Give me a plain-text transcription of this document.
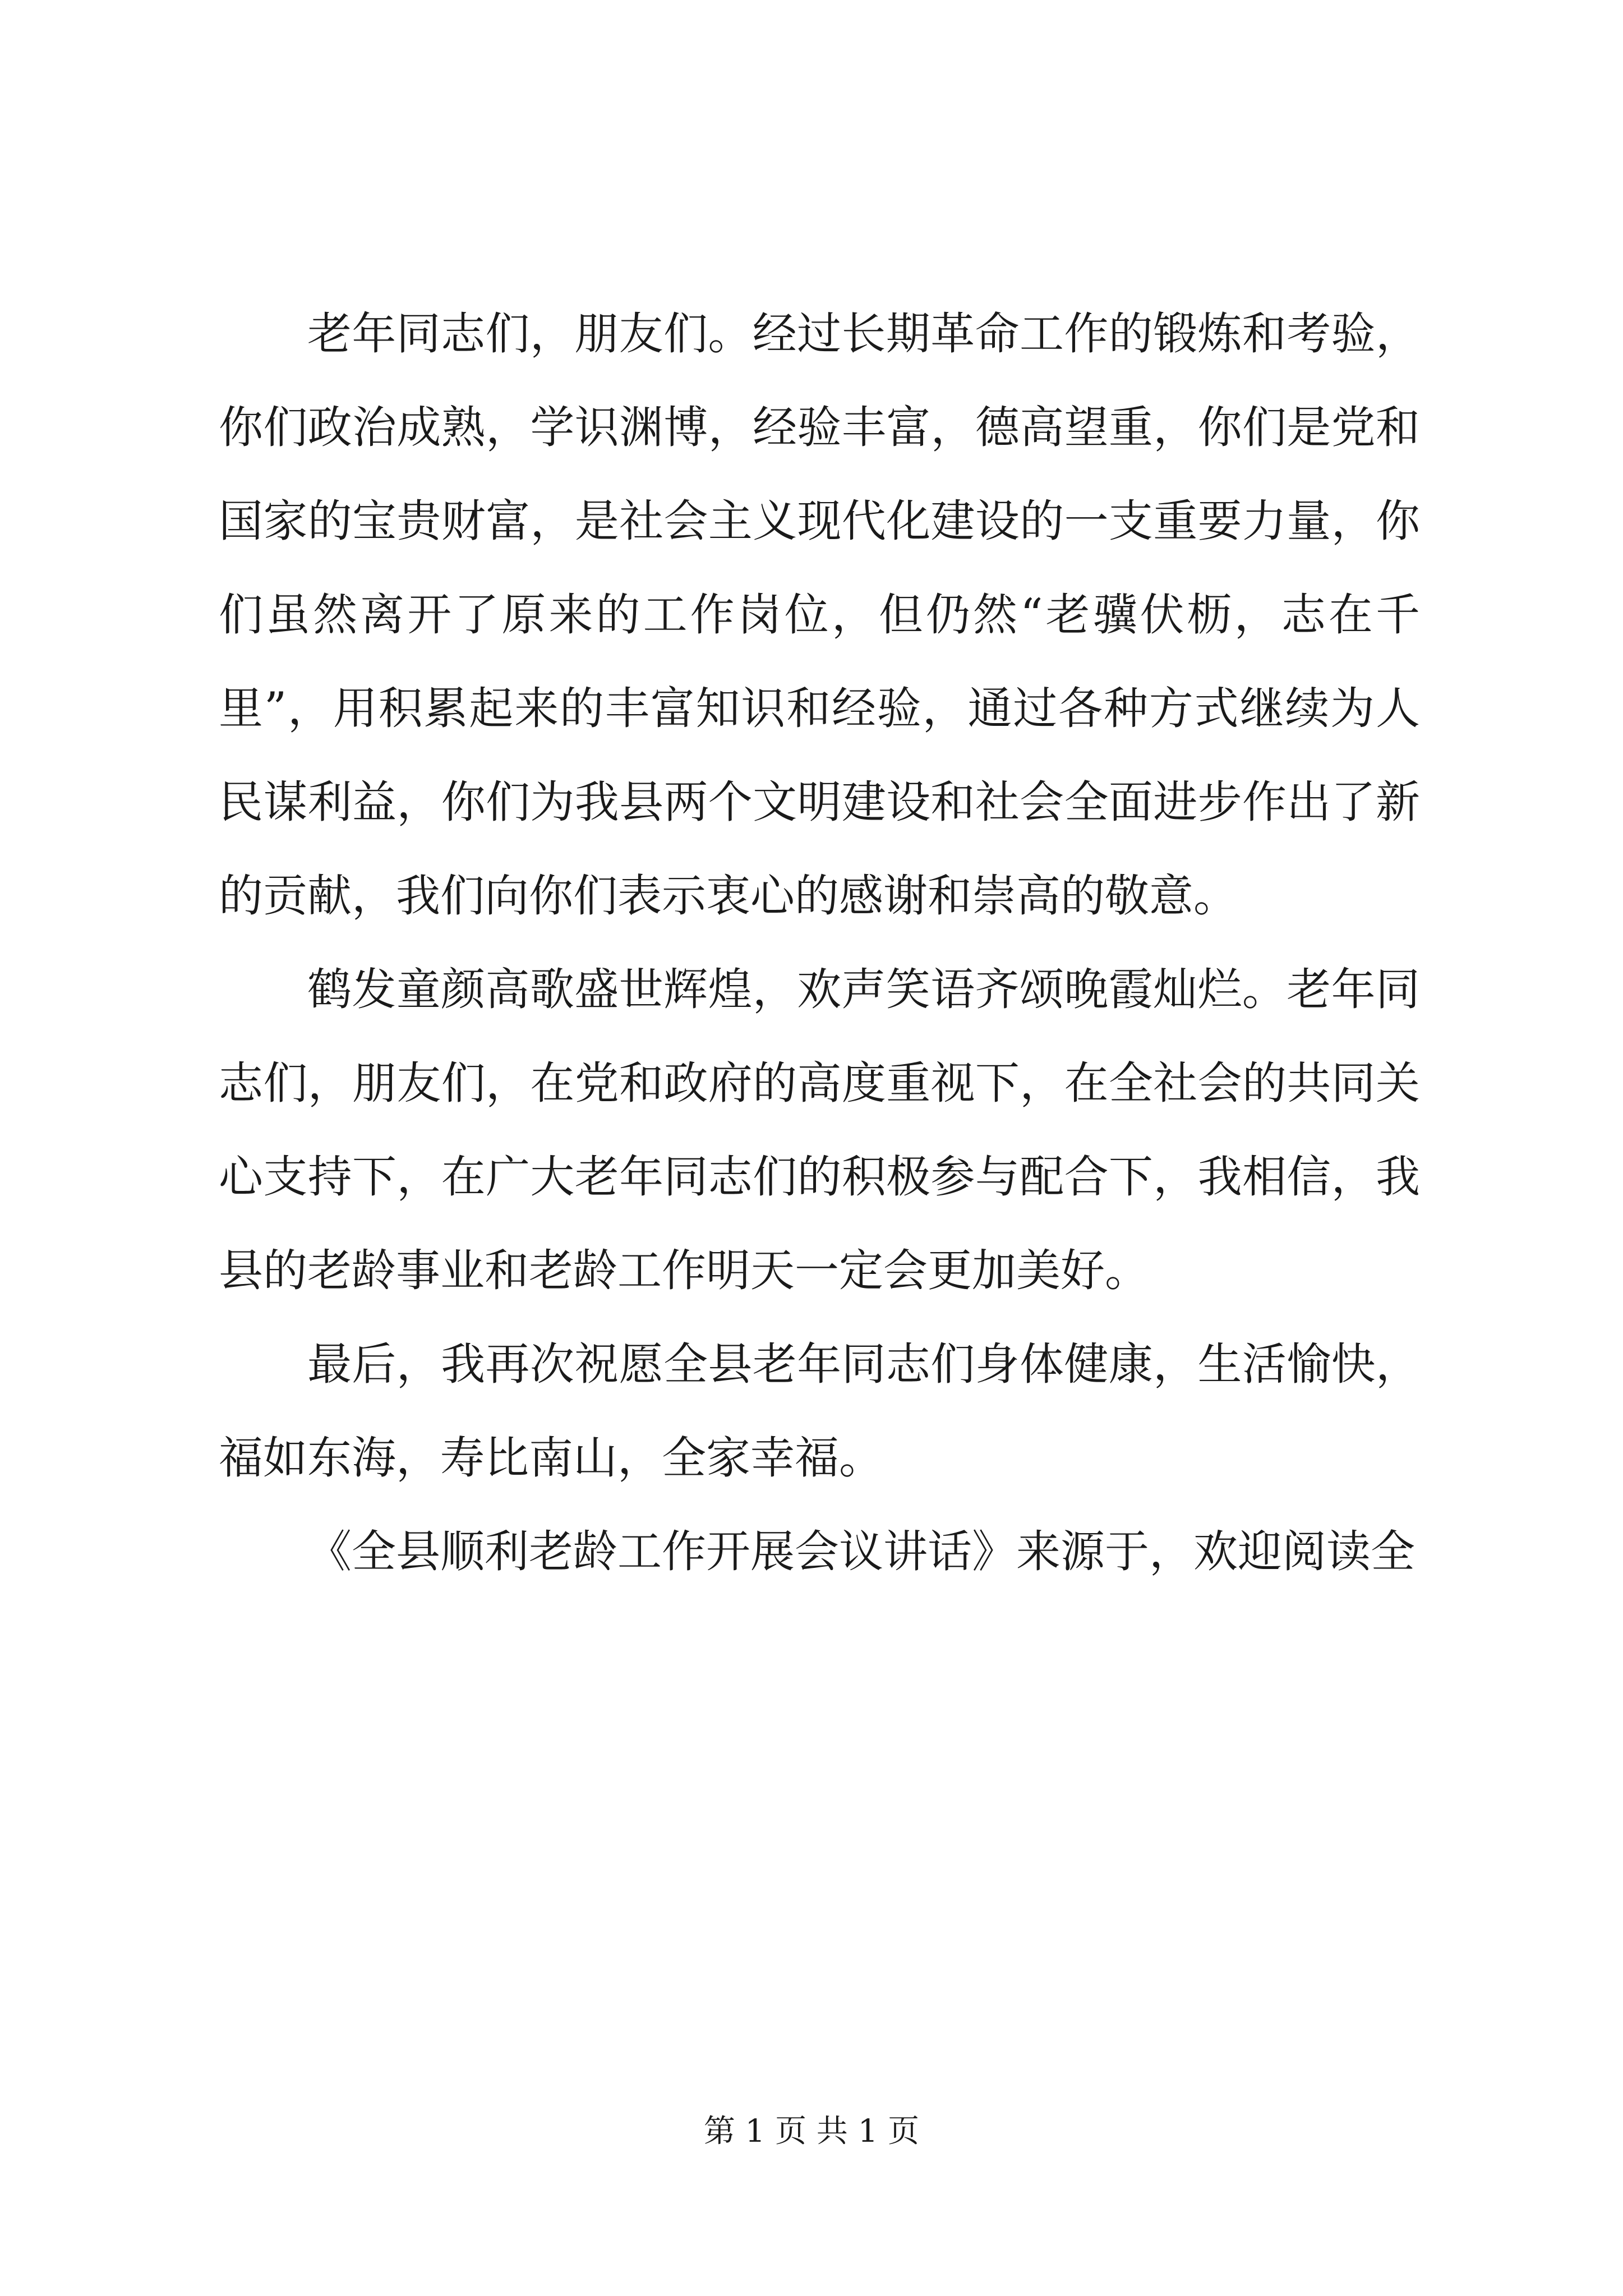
老年同志们，朋友们。经过长期革命工作的锻炼和考验，你们政治成熟，学识渊博，经验丰富，德高望重，你们是党和国家的宝贵财富，是社会主义现代化建设的一支重要力量，你们虽然离开了原来的工作岗位，但仍然“老骥伏枥，志在千里”，用积累起来的丰富知识和经验，通过各种方式继续为人民谋利益，你们为我县两个文明建设和社会全面进步作出了新的贡献，我们向你们表示衷心的感谢和崇高的敬意。

鹤发童颜高歌盛世辉煌，欢声笑语齐颂晚霞灿烂。老年同志们，朋友们，在党和政府的高度重视下，在全社会的共同关心支持下，在广大老年同志们的积极参与配合下，我相信，我县的老龄事业和老龄工作明天一定会更加美好。

最后，我再次祝愿全县老年同志们身体健康，生活愉快，福如东海，寿比南山，全家幸福。

《全县顺利老龄工作开展会议讲话》来源于，欢迎阅读全

第 1 页 共 1 页
